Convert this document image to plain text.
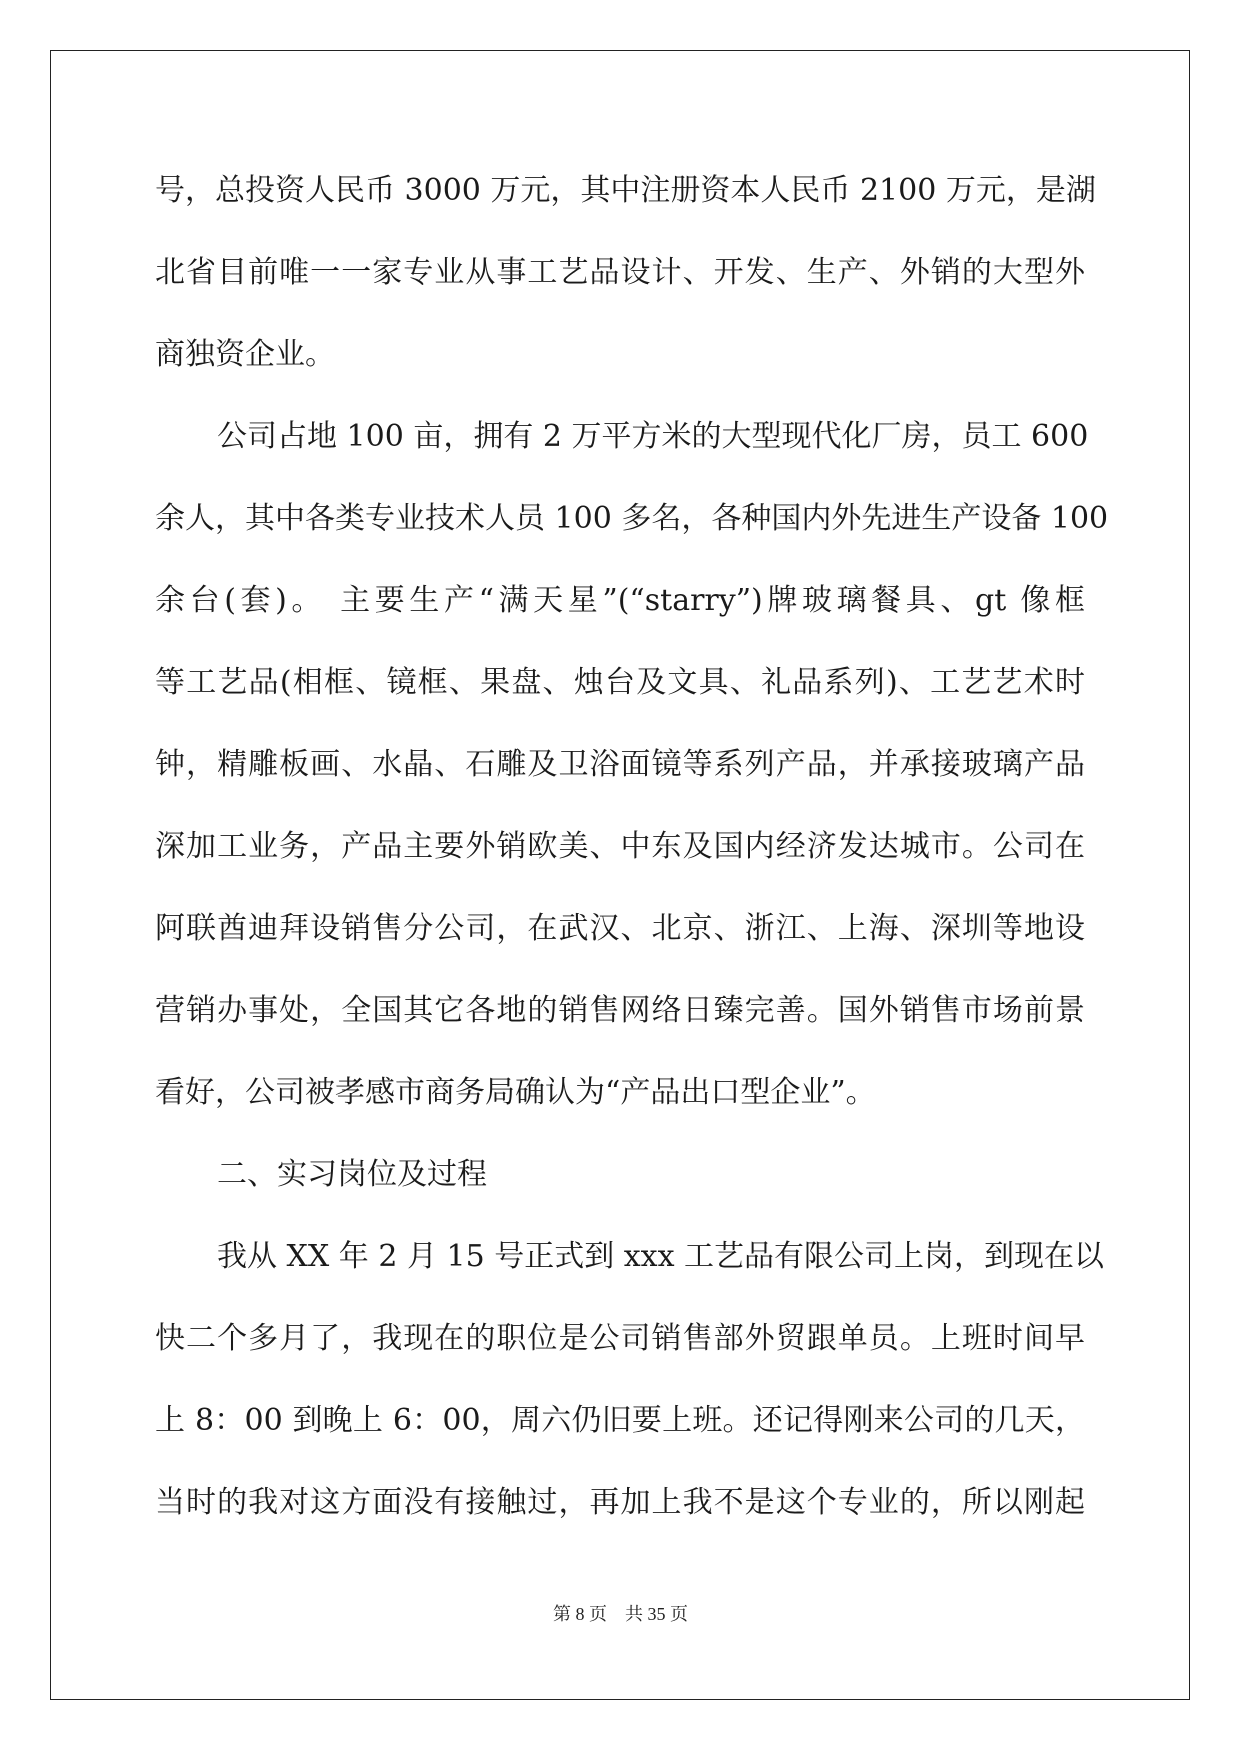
号，总投资人民币 3000 万元，其中注册资本人民币 2100 万元，是湖
北省目前唯一一家专业从事工艺品设计、开发、生产、外销的大型外
商独资企业。
公司占地 100 亩，拥有 2 万平方米的大型现代化厂房，员工 600
余人，其中各类专业技术人员 100 多名，各种国内外先进生产设备 100
余台(套)。 主要生产“满天星”(“starry”)牌玻璃餐具、gt 像框
等工艺品(相框、镜框、果盘、烛台及文具、礼品系列)、工艺艺术时
钟，精雕板画、水晶、石雕及卫浴面镜等系列产品，并承接玻璃产品
深加工业务，产品主要外销欧美、中东及国内经济发达城市。公司在
阿联酋迪拜设销售分公司，在武汉、北京、浙江、上海、深圳等地设
营销办事处，全国其它各地的销售网络日臻完善。国外销售市场前景
看好，公司被孝感市商务局确认为“产品出口型企业”。
二、实习岗位及过程
我从 XX 年 2 月 15 号正式到 xxx 工艺品有限公司上岗，到现在以
快二个多月了，我现在的职位是公司销售部外贸跟单员。上班时间早
上 8：00 到晚上 6：00，周六仍旧要上班。还记得刚来公司的几天，
当时的我对这方面没有接触过，再加上我不是这个专业的，所以刚起
第 8 页　共 35 页
